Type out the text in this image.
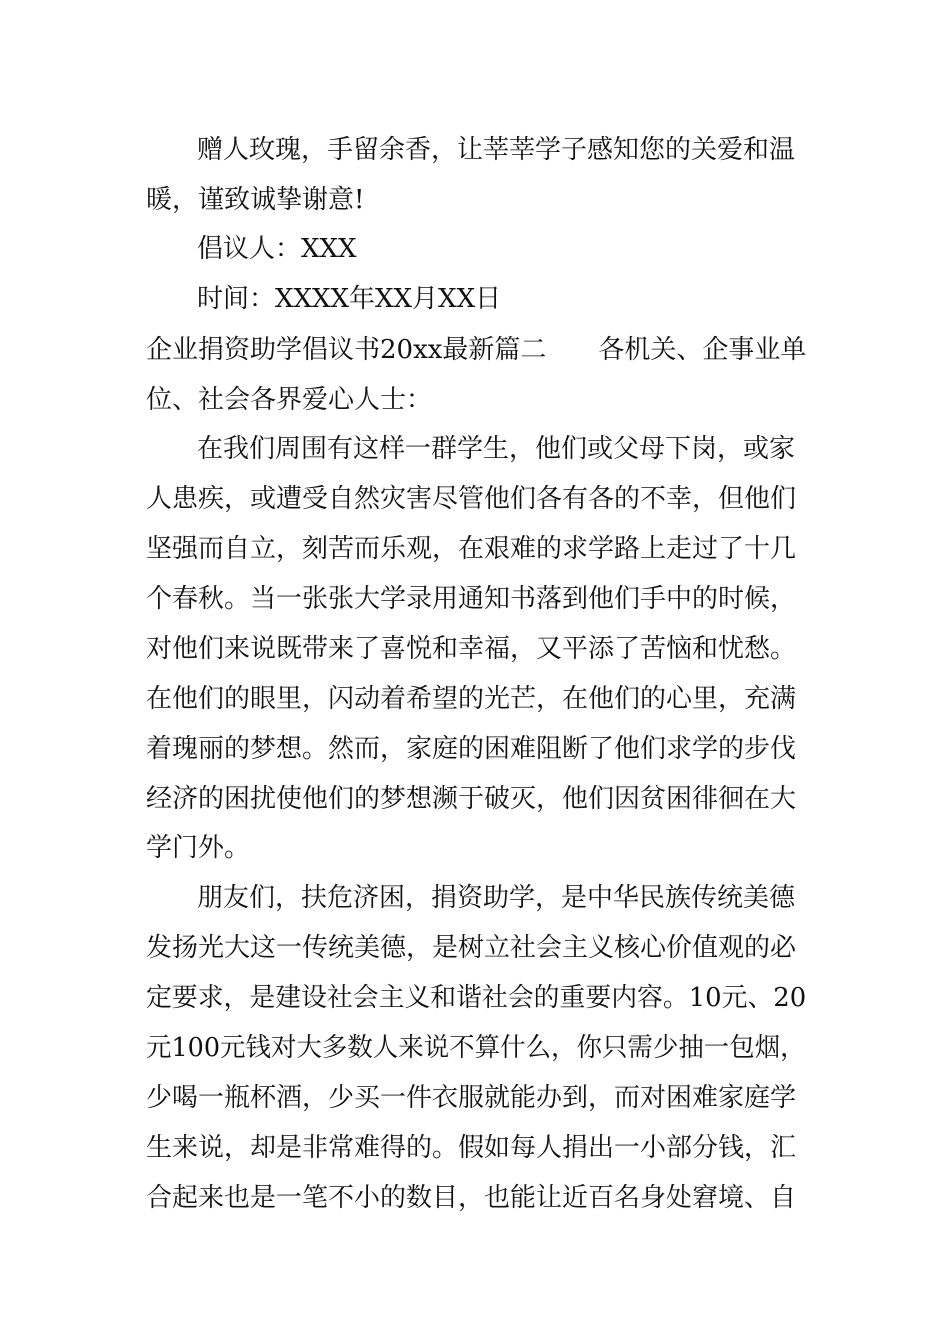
赠人玫瑰，手留余香，让莘莘学子感知您的关爱和温
暖，谨致诚挚谢意!
倡议人：XXX
时间：XXXX年XX月XX日
企业捐资助学倡议书20xx最新篇二　　各机关、企事业单
位、社会各界爱心人士：
在我们周围有这样一群学生，他们或父母下岗，或家
人患疾，或遭受自然灾害尽管他们各有各的不幸，但他们
坚强而自立，刻苦而乐观，在艰难的求学路上走过了十几
个春秋。当一张张大学录用通知书落到他们手中的时候，
对他们来说既带来了喜悦和幸福，又平添了苦恼和忧愁。
在他们的眼里，闪动着希望的光芒，在他们的心里，充满
着瑰丽的梦想。然而，家庭的困难阻断了他们求学的步伐
经济的困扰使他们的梦想濒于破灭，他们因贫困徘徊在大
学门外。
朋友们，扶危济困，捐资助学，是中华民族传统美德
发扬光大这一传统美德，是树立社会主义核心价值观的必
定要求，是建设社会主义和谐社会的重要内容。10元、20
元100元钱对大多数人来说不算什么，你只需少抽一包烟，
少喝一瓶杯酒，少买一件衣服就能办到，而对困难家庭学
生来说，却是非常难得的。假如每人捐出一小部分钱，汇
合起来也是一笔不小的数目，也能让近百名身处窘境、自
